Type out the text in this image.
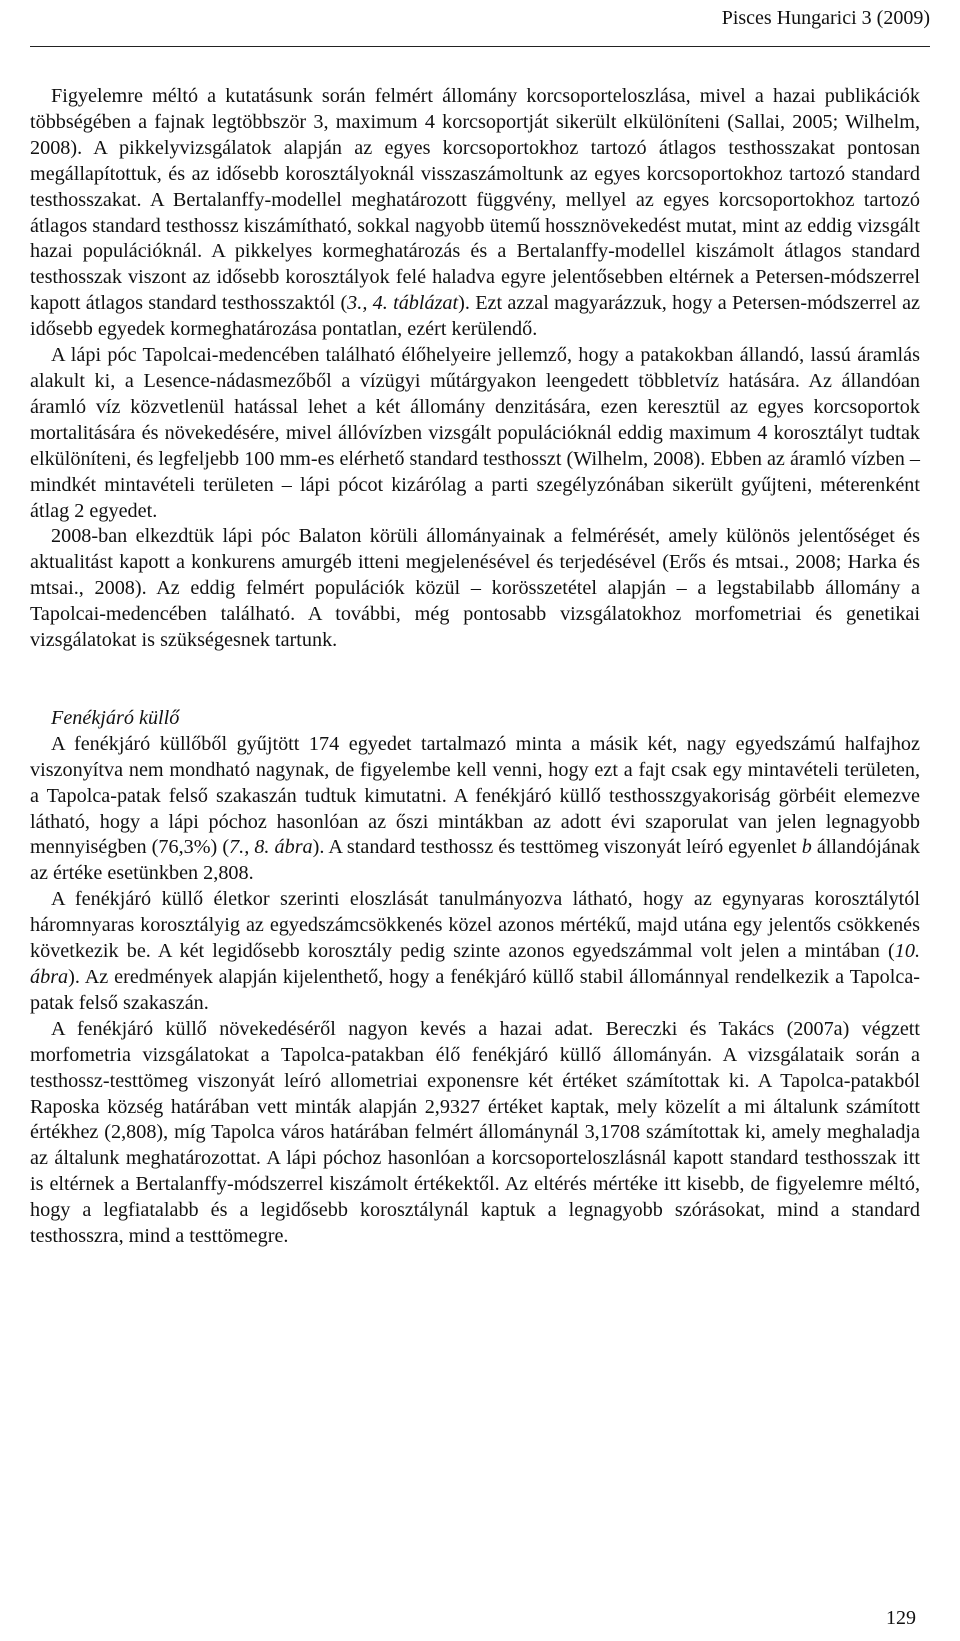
Pisces Hungarici 3 (2009)

Figyelemre méltó a kutatásunk során felmért állomány korcsoporteloszlása, mivel a hazai publikációk többségében a fajnak legtöbbször 3, maximum 4 korcsoportját sikerült elkülöníteni (Sallai, 2005; Wilhelm, 2008). A pikkelyvizsgálatok alapján az egyes korcsoportokhoz tartozó átlagos testhosszakat pontosan megállapítottuk, és az idősebb korosztályoknál visszaszámoltunk az egyes korcsoportokhoz tartozó standard testhosszakat. A Bertalanffy-modellel meghatározott függvény, mellyel az egyes korcsoportokhoz tartozó átlagos standard testhossz kiszámítható, sokkal nagyobb ütemű hossznövekedést mutat, mint az eddig vizsgált hazai populációknál. A pikkelyes kormeghatározás és a Bertalanffy-modellel kiszámolt átlagos standard testhosszak viszont az idősebb korosztályok felé haladva egyre jelentősebben eltérnek a Petersen-módszerrel kapott átlagos standard testhosszaktól (3., 4. táblázat). Ezt azzal magyarázzuk, hogy a Petersen-módszerrel az idősebb egyedek kormeghatározása pontatlan, ezért kerülendő.

A lápi póc Tapolcai-medencében található élőhelyeire jellemző, hogy a patakokban állandó, lassú áramlás alakult ki, a Lesence-nádasmezőből a vízügyi műtárgyakon leengedett többletvíz hatására. Az állandóan áramló víz közvetlenül hatással lehet a két állomány denzitására, ezen keresztül az egyes korcsoportok mortalitására és növekedésére, mivel állóvízben vizsgált populációknál eddig maximum 4 korosztályt tudtak elkülöníteni, és legfeljebb 100 mm-es elérhető standard testhosszt (Wilhelm, 2008). Ebben az áramló vízben – mindkét mintavételi területen – lápi pócot kizárólag a parti szegélyzónában sikerült gyűjteni, méterenként átlag 2 egyedet.

2008-ban elkezdtük lápi póc Balaton körüli állományainak a felmérését, amely különös jelentőséget és aktualitást kapott a konkurens amurgéb itteni megjelenésével és terjedésével (Erős és mtsai., 2008; Harka és mtsai., 2008). Az eddig felmért populációk közül – korösszetétel alapján – a legstabilabb állomány a Tapolcai-medencében található. A további, még pontosabb vizsgálatokhoz morfometriai és genetikai vizsgálatokat is szükségesnek tartunk.

Fenékjáró küllő

A fenékjáró küllőből gyűjtött 174 egyedet tartalmazó minta a másik két, nagy egyedszámú halfajhoz viszonyítva nem mondható nagynak, de figyelembe kell venni, hogy ezt a fajt csak egy mintavételi területen, a Tapolca-patak felső szakaszán tudtuk kimutatni. A fenékjáró küllő testhosszgyakoriság görbéit elemezve látható, hogy a lápi póchoz hasonlóan az őszi mintákban az adott évi szaporulat van jelen legnagyobb mennyiségben (76,3%) (7., 8. ábra). A standard testhossz és testtömeg viszonyát leíró egyenlet b állandójának az értéke esetünkben 2,808.

A fenékjáró küllő életkor szerinti eloszlását tanulmányozva látható, hogy az egynyaras korosztálytól háromnyaras korosztályig az egyedszámcsökkenés közel azonos mértékű, majd utána egy jelentős csökkenés következik be. A két legidősebb korosztály pedig szinte azonos egyedszámmal volt jelen a mintában (10. ábra). Az eredmények alapján kijelenthető, hogy a fenékjáró küllő stabil állománnyal rendelkezik a Tapolca-patak felső szakaszán.

A fenékjáró küllő növekedéséről nagyon kevés a hazai adat. Bereczki és Takács (2007a) végzett morfometria vizsgálatokat a Tapolca-patakban élő fenékjáró küllő állományán. A vizsgálataik során a testhossz-testtömeg viszonyát leíró allometriai exponensre két értéket számítottak ki. A Tapolca-patakból Raposka község határában vett minták alapján 2,9327 értéket kaptak, mely közelít a mi általunk számított értékhez (2,808), míg Tapolca város határában felmért állománynál 3,1708 számítottak ki, amely meghaladja az általunk meghatározottat. A lápi póchoz hasonlóan a korcsoporteloszlásnál kapott standard testhosszak itt is eltérnek a Bertalanffy-módszerrel kiszámolt értékektől. Az eltérés mértéke itt kisebb, de figyelemre méltó, hogy a legfiatalabb és a legidősebb korosztálynál kaptuk a legnagyobb szórásokat, mind a standard testhosszra, mind a testtömegre.

129
